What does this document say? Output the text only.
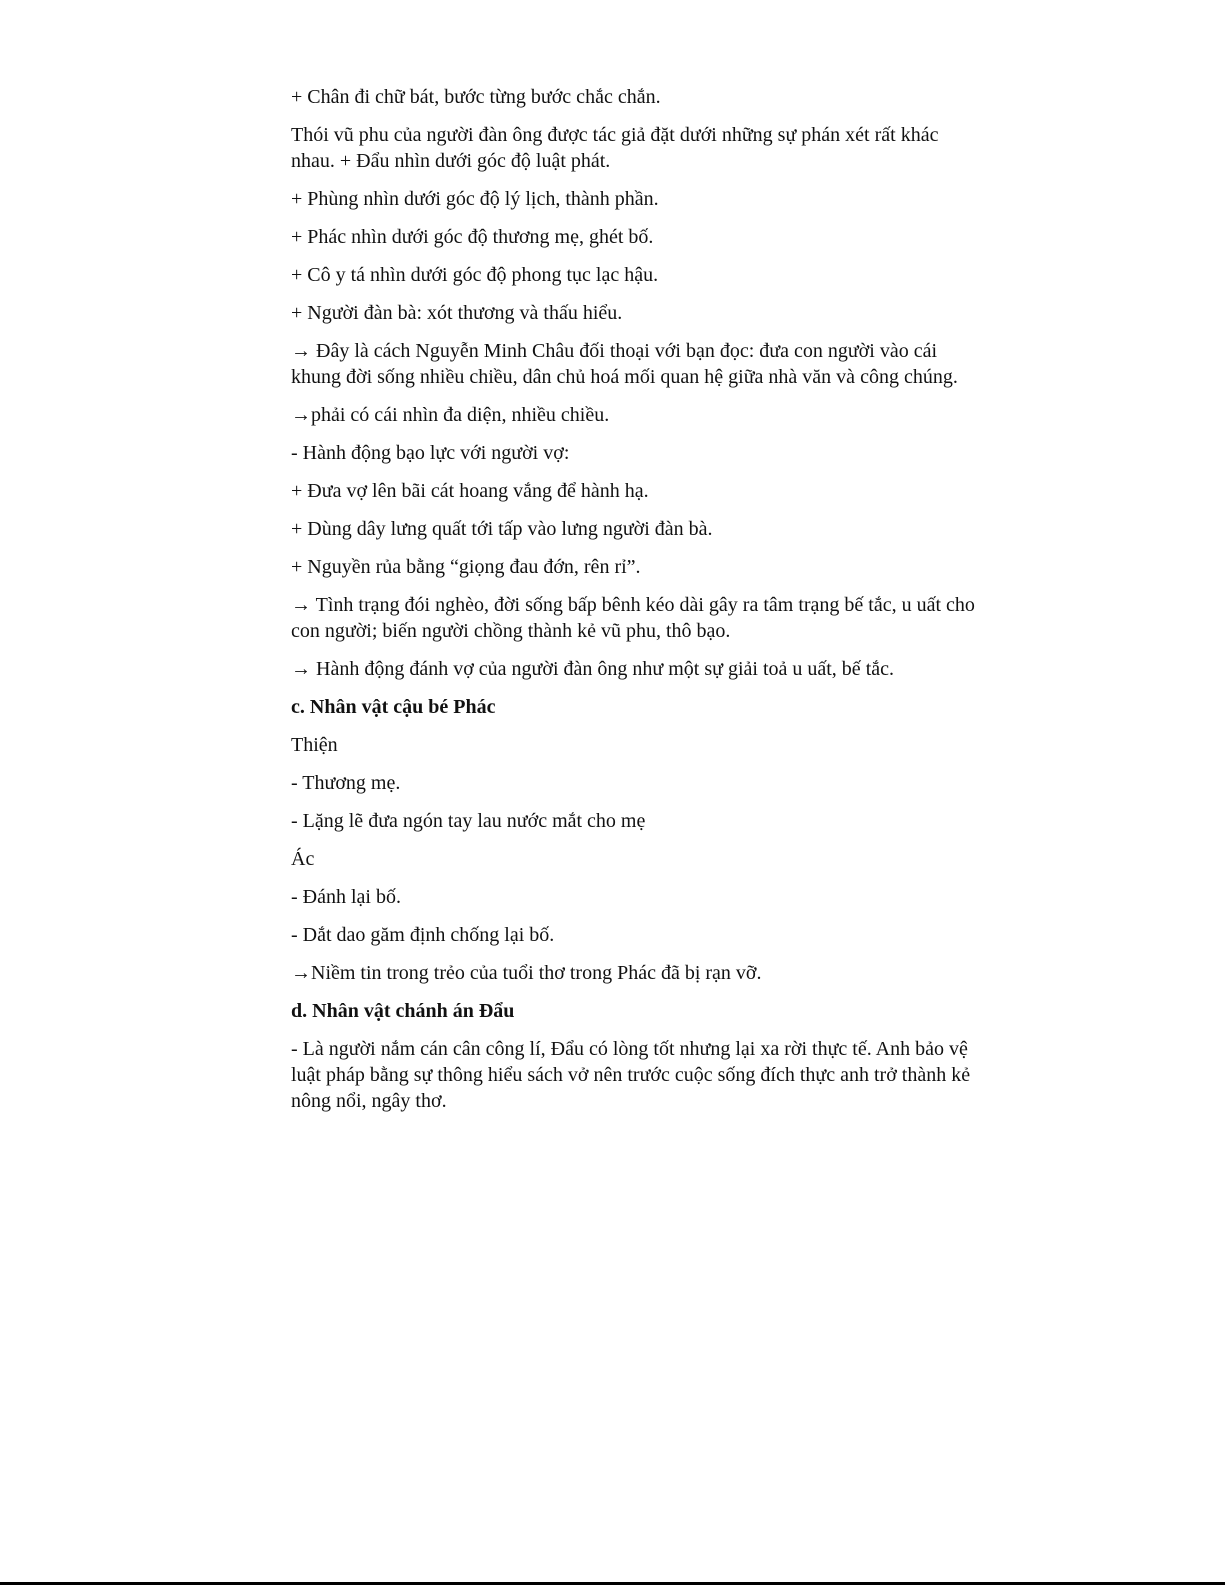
+ Chân đi chữ bát, bước từng bước chắc chắn.

Thói vũ phu của người đàn ông được tác giả đặt dưới những sự phán xét rất khác nhau. + Đẩu nhìn dưới góc độ luật phát.

+ Phùng nhìn dưới góc độ lý lịch, thành phần.

+ Phác nhìn dưới góc độ thương mẹ, ghét bố.

+ Cô y tá nhìn dưới góc độ phong tục lạc hậu.

+ Người đàn bà: xót thương và thấu hiểu.

→ Đây là cách Nguyễn Minh Châu đối thoại với bạn đọc: đưa con người vào cái khung đời sống nhiều chiều, dân chủ hoá mối quan hệ giữa nhà văn và công chúng.

→phải có cái nhìn đa diện, nhiều chiều.

- Hành động bạo lực với người vợ:

+ Đưa vợ lên bãi cát hoang vắng để hành hạ.

+ Dùng dây lưng quất tới tấp vào lưng người đàn bà.

+ Nguyền rủa bằng “giọng đau đớn, rên rỉ”.

→ Tình trạng đói nghèo, đời sống bấp bênh kéo dài gây ra tâm trạng bế tắc, u uất cho con người; biến người chồng thành kẻ vũ phu, thô bạo.

→ Hành động đánh vợ của người đàn ông như một sự giải toả u uất, bế tắc.

c. Nhân vật cậu bé Phác

Thiện

- Thương mẹ.

- Lặng lẽ đưa ngón tay lau nước mắt cho mẹ

Ác

- Đánh lại bố.

- Dắt dao găm định chống lại bố.

→Niềm tin trong trẻo của tuổi thơ trong Phác đã bị rạn vỡ.

d. Nhân vật chánh án Đẩu

- Là người nắm cán cân công lí, Đẩu có lòng tốt nhưng lại xa rời thực tế. Anh bảo vệ luật pháp bằng sự thông hiểu sách vở nên trước cuộc sống đích thực anh trở thành kẻ nông nổi, ngây thơ.
